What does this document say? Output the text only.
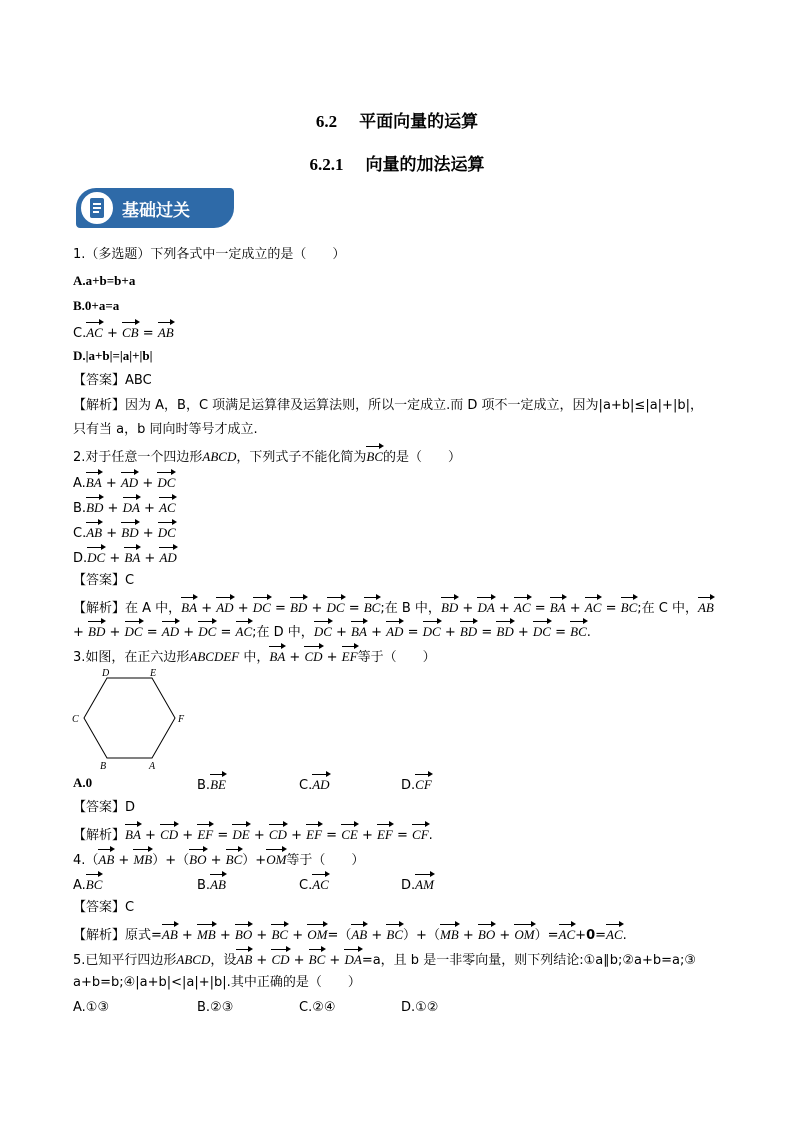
6.2 平面向量的运算
6.2.1 向量的加法运算
基础过关
1.（多选题）下列各式中一定成立的是（　　）
A.a+b=b+a
B.0+a=a
C.AC + CB = AB
D.|a+b|=|a|+|b|
【答案】ABC
【解析】因为 A，B，C 项满足运算律及运算法则，所以一定成立.而 D 项不一定成立，因为|a+b|≤|a|+|b|，
只有当 a，b 同向时等号才成立.
2.对于任意一个四边形ABCD，下列式子不能化简为BC的是（　　）
A.BA + AD + DC
B.BD + DA + AC
C.AB + BD + DC
D.DC + BA + AD
【答案】C
【解析】在 A 中，BA + AD + DC = BD + DC = BC;在 B 中，BD + DA + AC = BA + AC = BC;在 C 中，AB
+ BD + DC = AD + DC = AC;在 D 中，DC + BA + AD = DC + BD = BD + DC = BC.
3.如图，在正六边形ABCDEF 中，BA + CD + EF等于（　　）
D	E
C	F
B	A
A.0	B.BE	C.AD	D.CF
【答案】D
【解析】BA + CD + EF = DE + CD + EF = CE + EF = CF.
4.（AB + MB）+（BO + BC）+OM等于（　　）
A.BC	B.AB	C.AC	D.AM
【答案】C
【解析】原式=AB + MB + BO + BC + OM=（AB + BC）+（MB + BO + OM）=AC+0=AC.
5.已知平行四边形ABCD，设AB + CD + BC + DA=a，且 b 是一非零向量，则下列结论:①a∥b;②a+b=a;③
a+b=b;④|a+b|<|a|+|b|.其中正确的是（　　）
A.①③	B.②③	C.②④	D.①②
